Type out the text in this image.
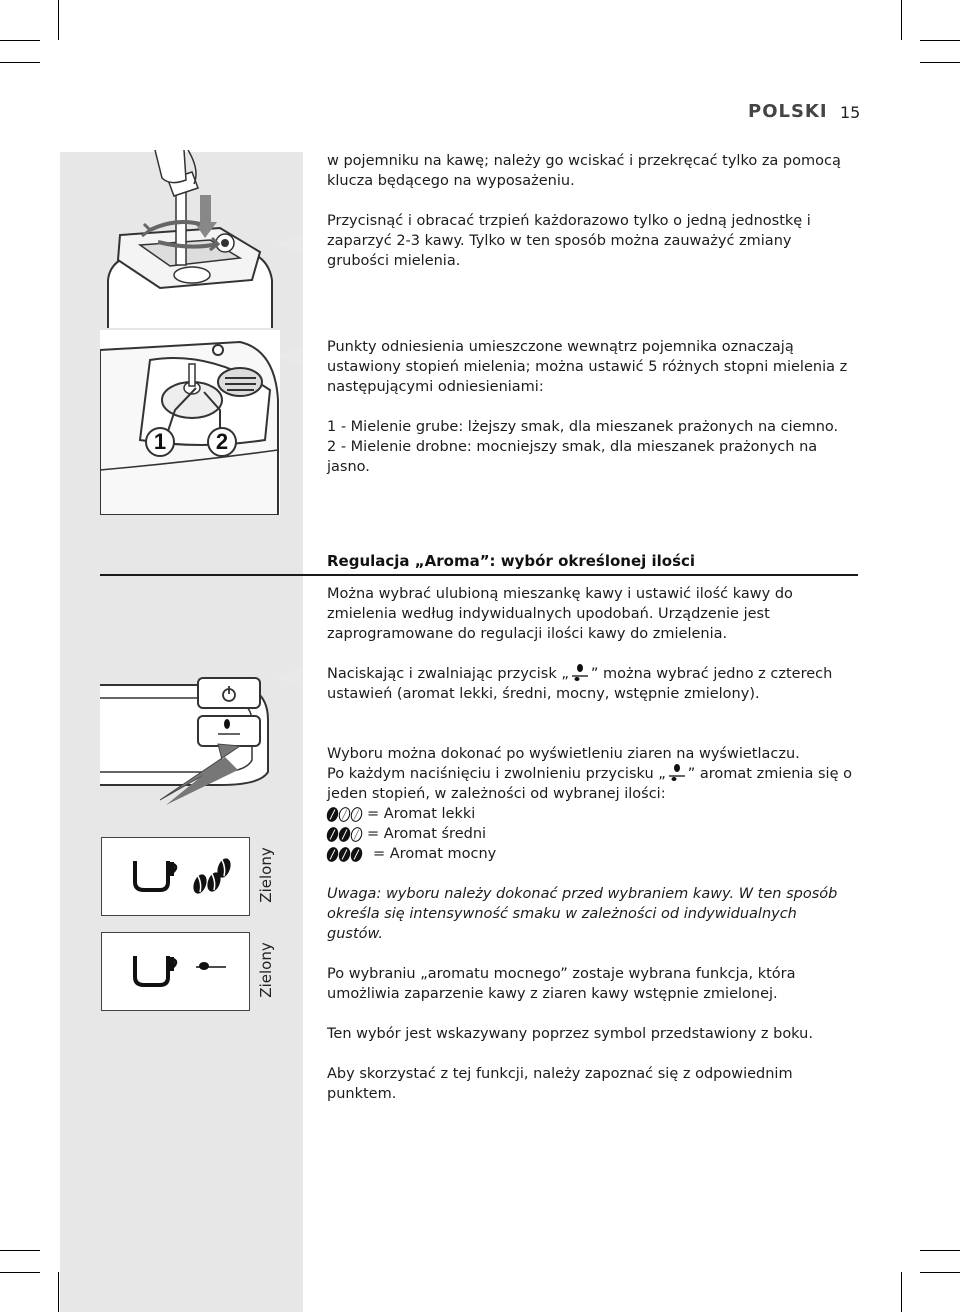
POLSKI 15
1 2
Zielony
Zielony

w pojemniku na kawę; należy go wciskać i przekręcać tylko za pomocą klucza będącego na wyposażeniu.

Przycisnąć i obracać trzpień każdorazowo tylko o jedną jednostkę i zaparzyć 2-3 kawy. Tylko w ten sposób można zauważyć zmiany grubości mielenia.

Punkty odniesienia umieszczone wewnątrz pojemnika oznaczają ustawiony stopień mielenia; można ustawić 5 różnych stopni mielenia z następującymi odniesieniami:

1 - Mielenie grube: lżejszy smak, dla mieszanek prażonych na ciemno.

2 - Mielenie drobne: mocniejszy smak, dla mieszanek prażonych na jasno.

Regulacja „Aroma”: wybór określonej ilości

Można wybrać ulubioną mieszankę kawy i ustawić ilość kawy do zmielenia według indywidualnych upodobań. Urządzenie jest zaprogramowane do regulacji ilości kawy do zmielenia.

Naciskając i zwalniając przycisk „ ” można wybrać jedno z czterech ustawień (aromat lekki, średni, mocny, wstępnie zmielony).

Wyboru można dokonać po wyświetleniu ziaren na wyświetlaczu.

Po każdym naciśnięciu i zwolnieniu przycisku „ ” aromat zmienia się o jeden stopień, w zależności od wybranej ilości:

= Aromat lekki
= Aromat średni
= Aromat mocny

Uwaga: wyboru należy dokonać przed wybraniem kawy. W ten sposób określa się intensywność smaku w zależności od indywidualnych gustów.

Po wybraniu „aromatu mocnego” zostaje wybrana funkcja, która umożliwia zaparzenie kawy z ziaren kawy wstępnie zmielonej.

Ten wybór jest wskazywany poprzez symbol przedstawiony z boku.

Aby skorzystać z tej funkcji, należy zapoznać się z odpowiednim punktem.
